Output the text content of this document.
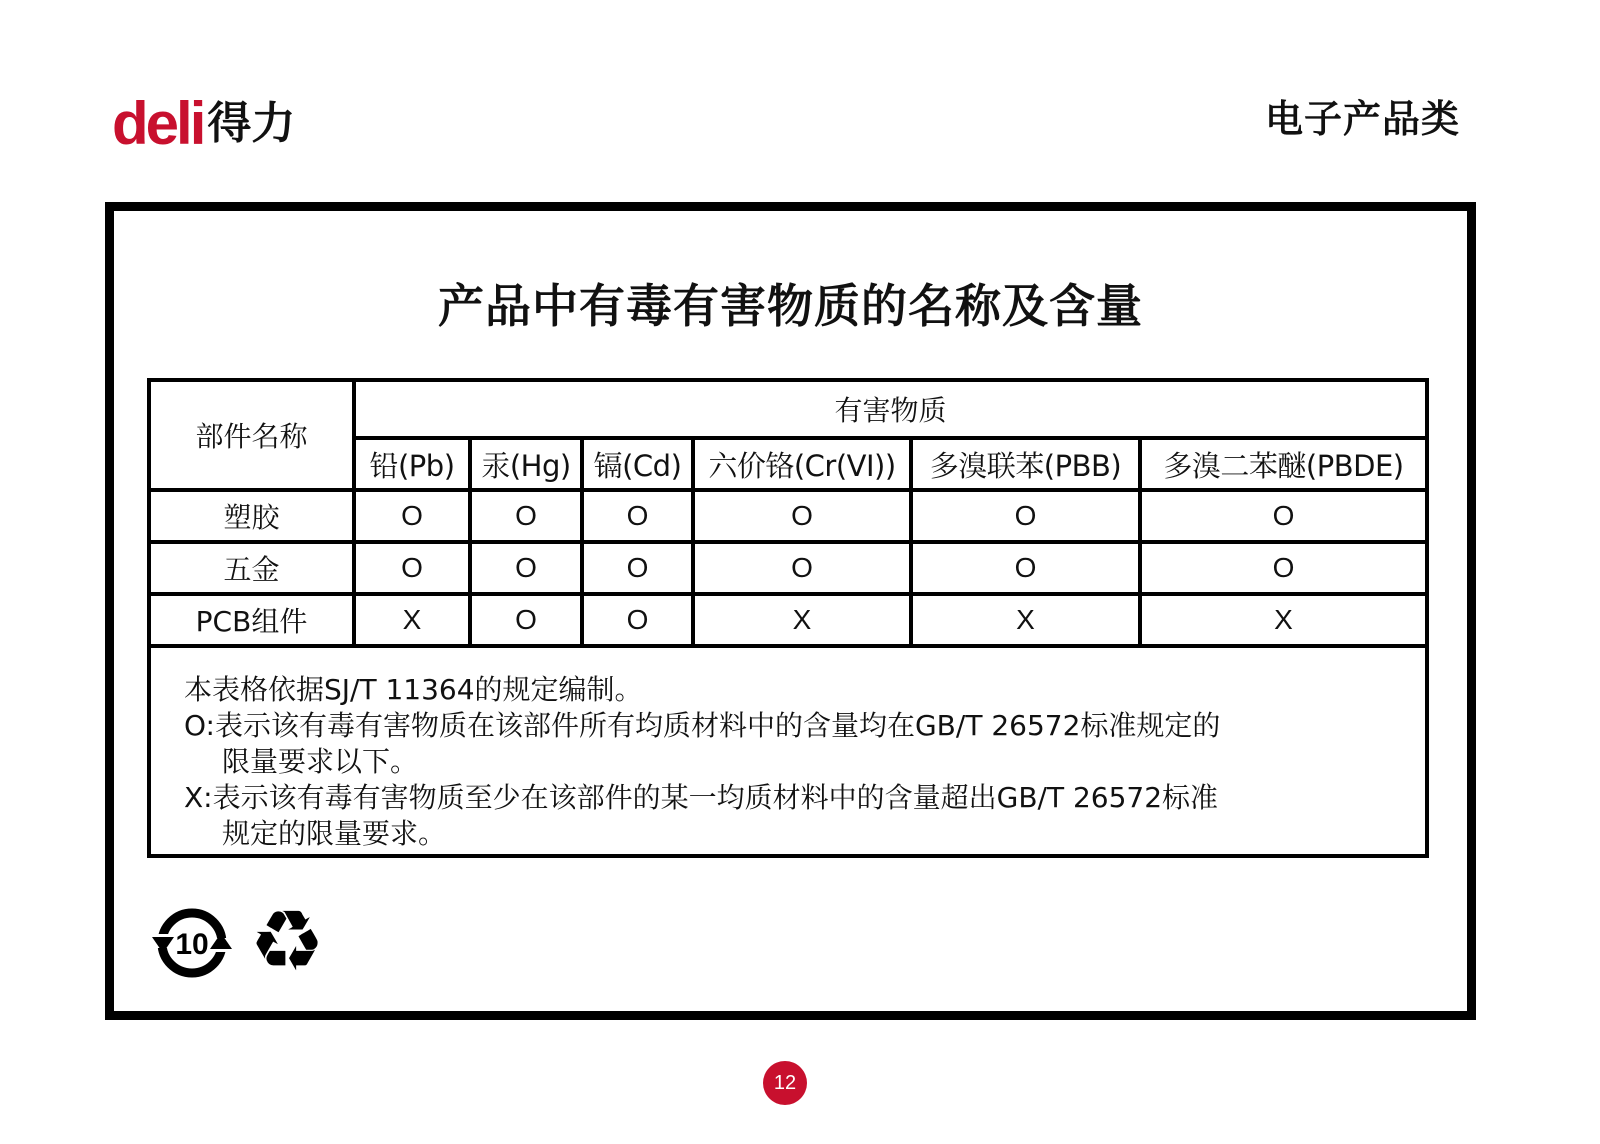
deli 得力	电子产品类
产品中有毒有害物质的名称及含量
部件名称	有害物质					
	铅(Pb)	汞(Hg)	镉(Cd)	六价铬(Cr(VI))	多溴联苯(PBB)	多溴二苯醚(PBDE)
塑胶	O	O	O	O	O	O
五金	O	O	O	O	O	O
PCB组件	X	O	O	X	X	X
本表格依据SJ/T 11364的规定编制。
O:表示该有毒有害物质在该部件所有均质材料中的含量均在GB/T 26572标准规定的
限量要求以下。
X:表示该有毒有害物质至少在该部件的某一均质材料中的含量超出GB/T 26572标准
规定的限量要求。
10 ♻
12
